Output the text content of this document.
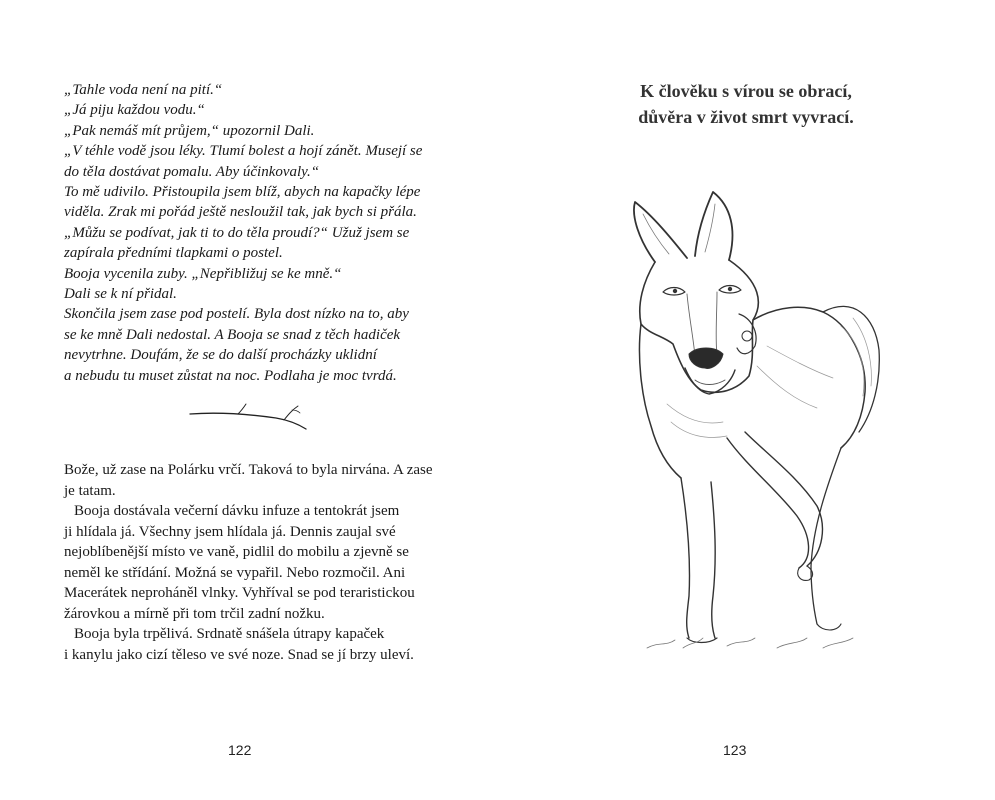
„Tahle voda není na pití.“
„Já piju každou vodu.“
„Pak nemáš mít průjem,“ upozornil Dali.
„V téhle vodě jsou léky. Tlumí bolest a hojí zánět. Musejí se
do těla dostávat pomalu. Aby účinkovaly.“
To mě udivilo. Přistoupila jsem blíž, abych na kapačky lépe
viděla. Zrak mi pořád ještě nesloužil tak, jak bych si přála.
„Můžu se podívat, jak ti to do těla proudí?“ Užuž jsem se
zapírala předními tlapkami o postel.
Booja vycenila zuby. „Nepřibližuj se ke mně.“
Dali se k ní přidal.
Skončila jsem zase pod postelí. Byla dost nízko na to, aby
se ke mně Dali nedostal. A Booja se snad z těch hadiček
nevytrhne. Doufám, že se do další procházky uklidní
a nebudu tu muset zůstat na noc. Podlaha je moc tvrdá.
Bože, už zase na Polárku vrčí. Taková to byla nirvána. A zase
je tatam.
Booja dostávala večerní dávku infuze a tentokrát jsem
ji hlídala já. Všechny jsem hlídala já. Dennis zaujal své
nejoblíbenější místo ve vaně, pidlil do mobilu a zjevně se
neměl ke střídání. Možná se vypařil. Nebo rozmočil. Ani
Macerátek neproháněl vlnky. Vyhříval se pod teraristickou
žárovkou a mírně při tom trčil zadní nožku.
Booja byla trpělivá. Srdnatě snášela útrapy kapaček
i kanylu jako cizí těleso ve své noze. Snad se jí brzy uleví.
122
K člověku s vírou se obrací,
důvěra v život smrt vyvrací.
123
